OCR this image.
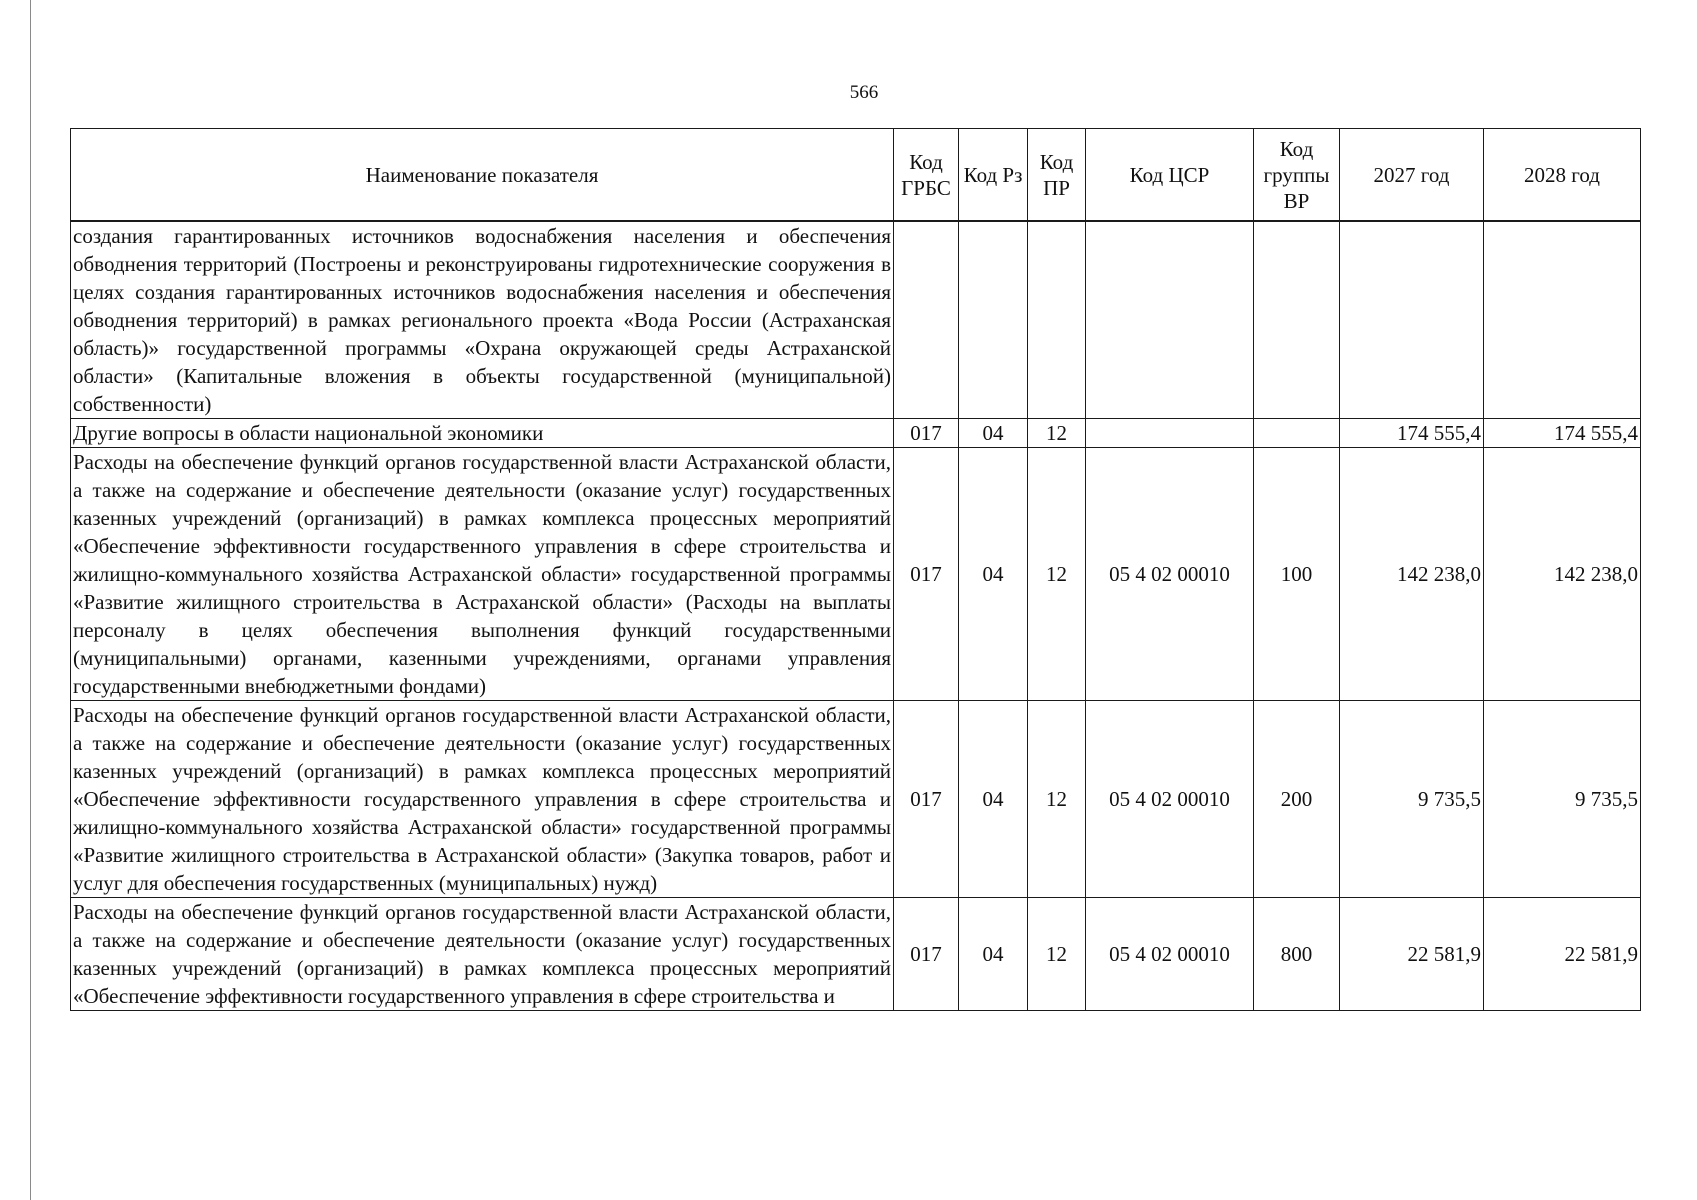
566
Наименование показателя	Код ГРБС	Код Рз	Код ПР	Код ЦСР	Код группы ВР	2027 год	2028 год
создания гарантированных источников водоснабжения населения и обеспечения обводнения территорий (Построены и реконструированы гидротехнические сооружения в целях создания гарантированных источников водоснабжения населения и обеспечения обводнения территорий) в рамках регионального проекта «Вода России (Астраханская область)» государственной программы «Охрана окружающей среды Астраханской области» (Капитальные вложения в объекты государственной (муниципальной) собственности)							
Другие вопросы в области национальной экономики	017	04	12			174 555,4	174 555,4
Расходы на обеспечение функций органов государственной власти Астраханской области, а также на содержание и обеспечение деятельности (оказание услуг) государственных казенных учреждений (организаций) в рамках комплекса процессных мероприятий «Обеспечение эффективности государственного управления в сфере строительства и жилищно-коммунального хозяйства Астраханской области» государственной программы «Развитие жилищного строительства в Астраханской области» (Расходы на выплаты персоналу в целях обеспечения выполнения функций государственными (муниципальными) органами, казенными учреждениями, органами управления государственными внебюджетными фондами)	017	04	12	05 4 02 00010	100	142 238,0	142 238,0
Расходы на обеспечение функций органов государственной власти Астраханской области, а также на содержание и обеспечение деятельности (оказание услуг) государственных казенных учреждений (организаций) в рамках комплекса процессных мероприятий «Обеспечение эффективности государственного управления в сфере строительства и жилищно-коммунального хозяйства Астраханской области» государственной программы «Развитие жилищного строительства в Астраханской области» (Закупка товаров, работ и услуг для обеспечения государственных (муниципальных) нужд)	017	04	12	05 4 02 00010	200	9 735,5	9 735,5
Расходы на обеспечение функций органов государственной власти Астраханской области, а также на содержание и обеспечение деятельности (оказание услуг) государственных казенных учреждений (организаций) в рамках комплекса процессных мероприятий «Обеспечение эффективности государственного управления в сфере строительства и	017	04	12	05 4 02 00010	800	22 581,9	22 581,9
